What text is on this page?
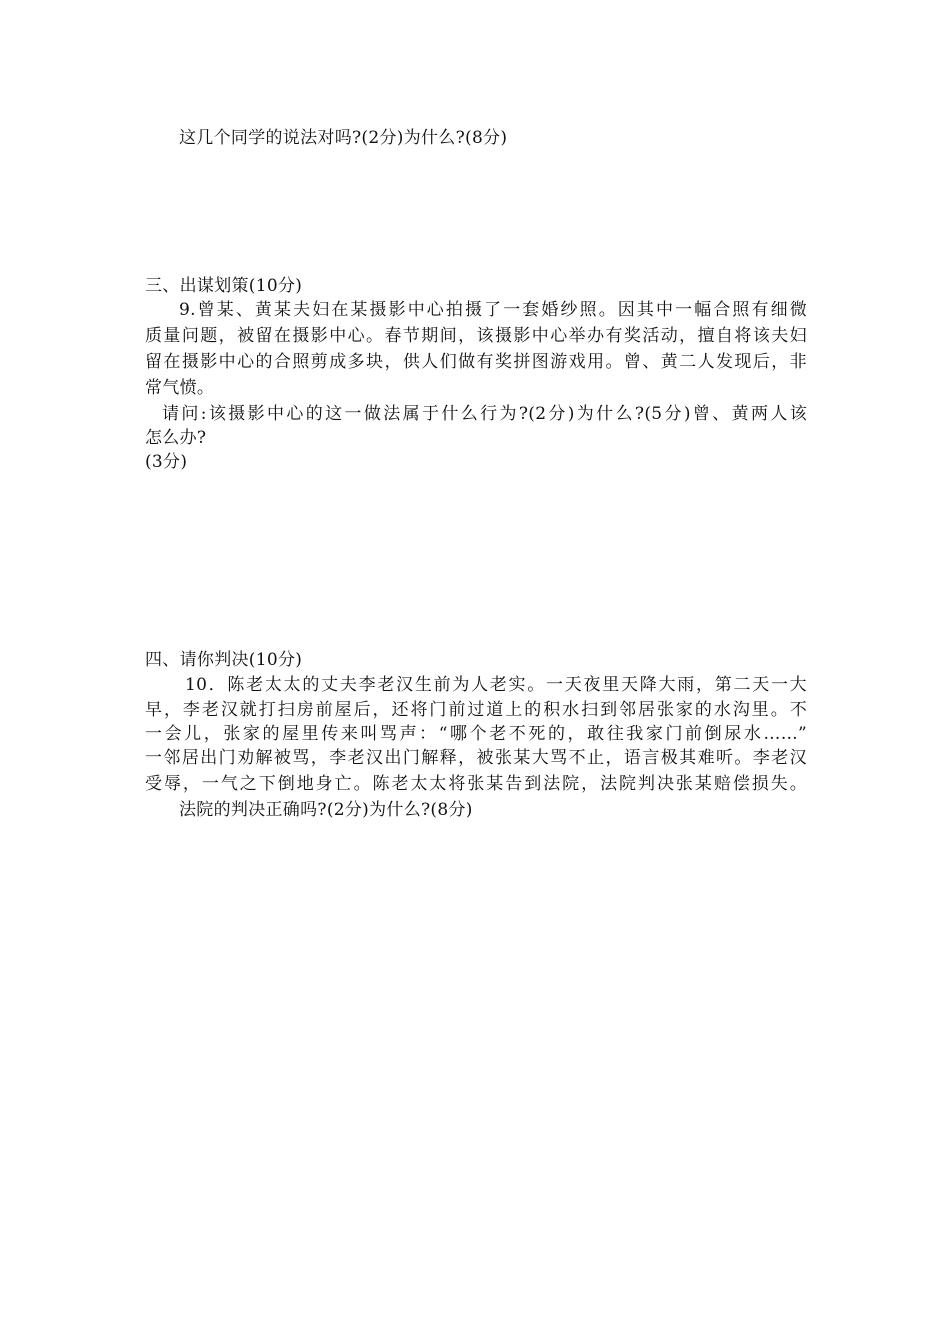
这几个同学的说法对吗?(2分)为什么?(8分)
三、出谋划策(10分)
9.曾某、黄某夫妇在某摄影中心拍摄了一套婚纱照。因其中一幅合照有细微
质量问题，被留在摄影中心。春节期间，该摄影中心举办有奖活动，擅自将该夫妇
留在摄影中心的合照剪成多块，供人们做有奖拼图游戏用。曾、黄二人发现后，非
常气愤。
请问:该摄影中心的这一做法属于什么行为?(2分)为什么?(5分)曾、黄两人该
怎么办?
(3分)
四、请你判决(10分)
10．陈老太太的丈夫李老汉生前为人老实。一天夜里天降大雨，第二天一大
早，李老汉就打扫房前屋后，还将门前过道上的积水扫到邻居张家的水沟里。不
一会儿，张家的屋里传来叫骂声：“哪个老不死的，敢往我家门前倒尿水……”
一邻居出门劝解被骂，李老汉出门解释，被张某大骂不止，语言极其难听。李老汉
受辱，一气之下倒地身亡。陈老太太将张某告到法院，法院判决张某赔偿损失。
法院的判决正确吗?(2分)为什么?(8分)
